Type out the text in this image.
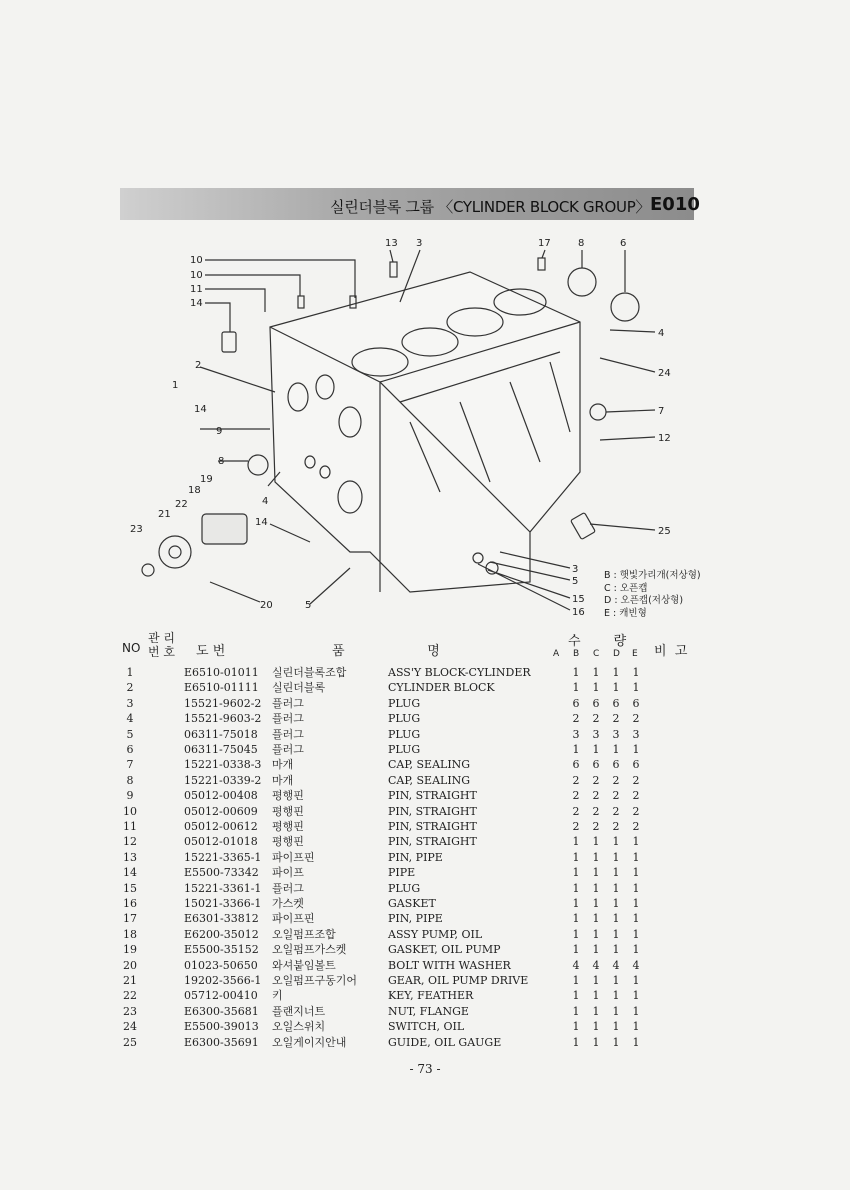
실린더블록 그룹 〈CYLINDER BLOCK GROUP〉 E010
10
10
11
14
2
1
14
9
8
4
19
18
22
21
23
14
20	5
13 3	17	8	6
4
24
7
12
25
3
5
15
16
B : 햇빛가리개(저상형)
C : 오픈캡
D : 오픈캡(저상형)
E : 캐빈형
NO
관 리
번 호 도 번	품                    명
수        량
A B C D E 비  고
1	E6510-01011 실린더블록조합	ASS'Y BLOCK-CYLINDER	1 1 1 1
2	E6510-01111 실린더블록	CYLINDER BLOCK	1 1 1 1
3	15521-9602-2 플러그	PLUG	6 6 6 6
4	15521-9603-2 플러그	PLUG	2 2 2 2
5	06311-75018 플러그	PLUG	3 3 3 3
6	06311-75045 플러그	PLUG	1 1 1 1
7	15221-0338-3 마개	CAP, SEALING	6 6 6 6
8	15221-0339-2 마개	CAP, SEALING	2 2 2 2
9	05012-00408 평행핀	PIN, STRAIGHT	2 2 2 2
10	05012-00609 평행핀	PIN, STRAIGHT	2 2 2 2
11	05012-00612 평행핀	PIN, STRAIGHT	2 2 2 2
12	05012-01018 평행핀	PIN, STRAIGHT	1 1 1 1
13	15221-3365-1 파이프핀	PIN, PIPE	1 1 1 1
14	E5500-73342 파이프	PIPE	1 1 1 1
15	15221-3361-1 플러그	PLUG	1 1 1 1
16	15021-3366-1 가스켓	GASKET	1 1 1 1
17	E6301-33812 파이프핀	PIN, PIPE	1 1 1 1
18	E6200-35012 오일펌프조합	ASSY PUMP, OIL	1 1 1 1
19	E5500-35152 오일펌프가스켓	GASKET, OIL PUMP	1 1 1 1
20	01023-50650 와셔붙임볼트	BOLT WITH WASHER	4 4 4 4
21	19202-3566-1 오일펌프구동기어	GEAR, OIL PUMP DRIVE	1 1 1 1
22	05712-00410 키	KEY, FEATHER	1 1 1 1
23	E6300-35681 플랜지너트	NUT, FLANGE	1 1 1 1
24	E5500-39013 오일스위치	SWITCH, OIL	1 1 1 1
25	E6300-35691 오일게이지안내	GUIDE, OIL GAUGE	1 1 1 1
- 73 -
